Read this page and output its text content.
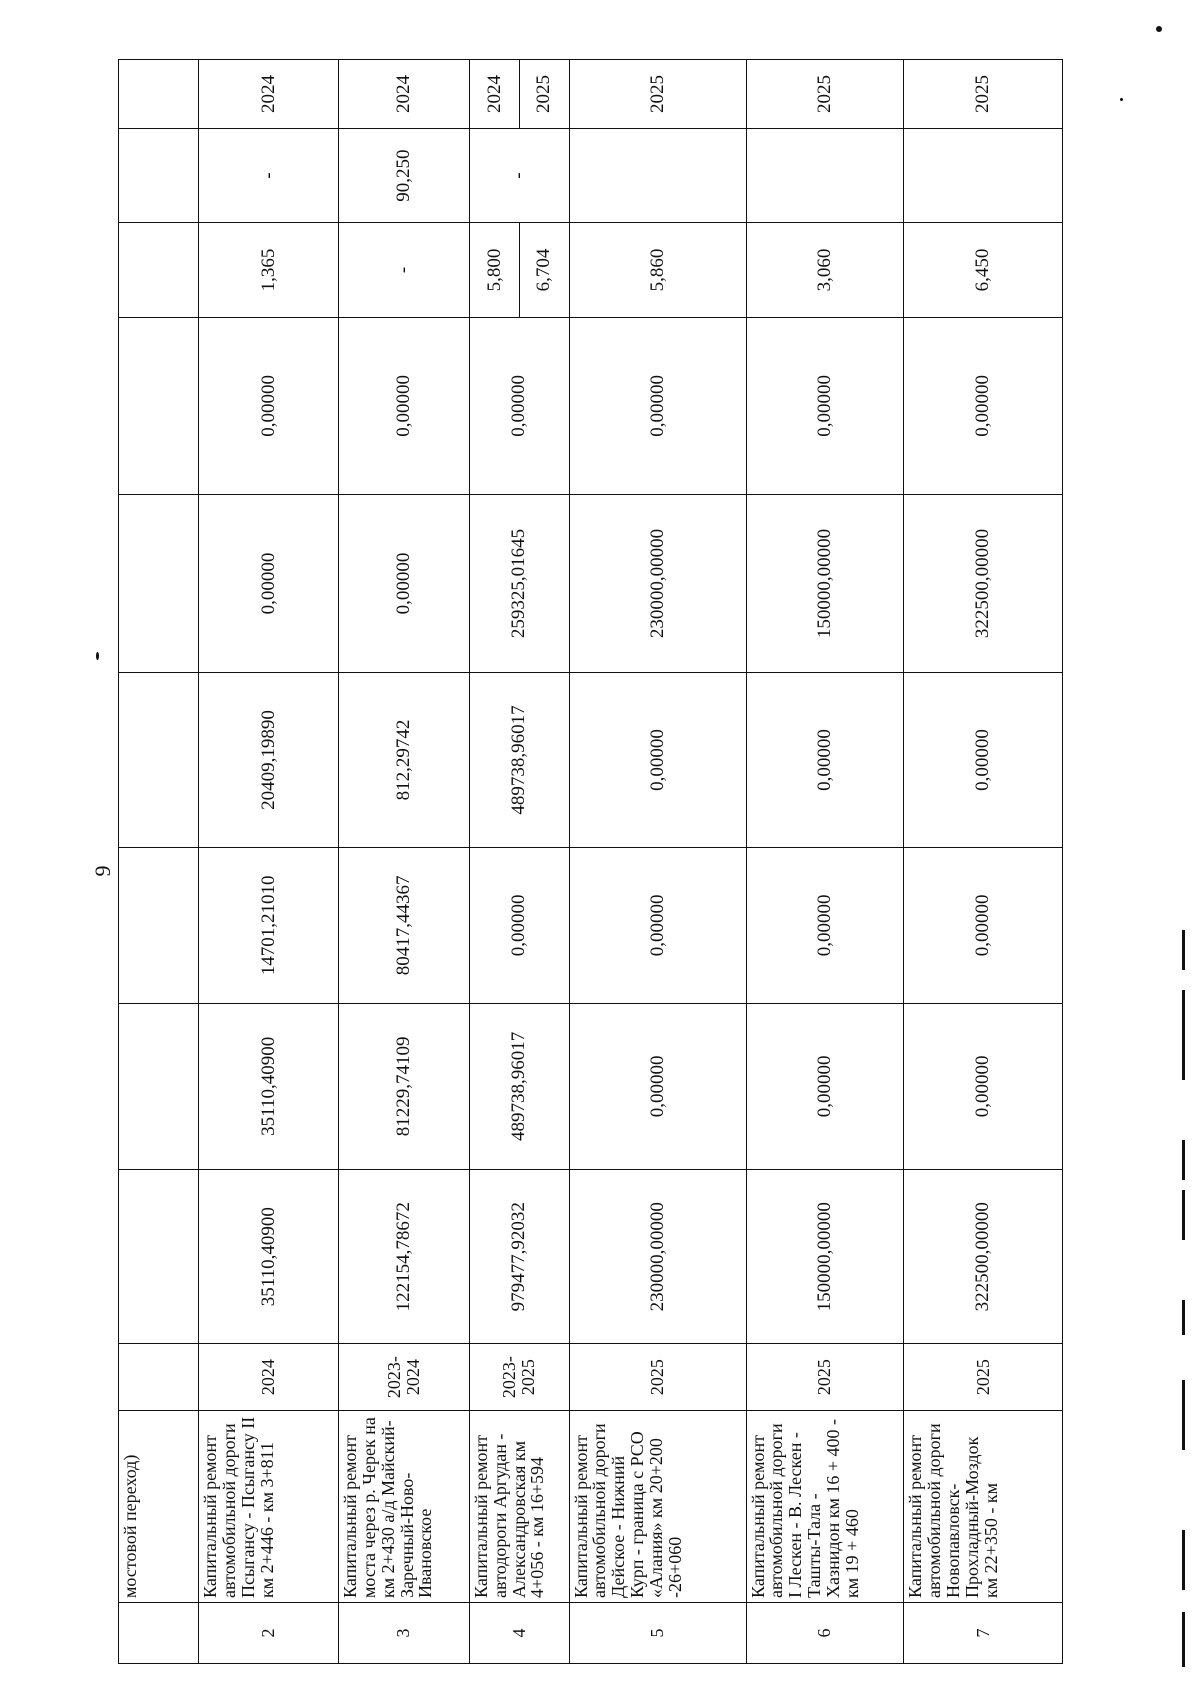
9
	мостовой переход)										
2	Капитальный ремонт автомобильной дороги Псыгансу - Псыгансу II км 2+446 - км 3+811	2024	35110,40900	35110,40900	14701,21010	20409,19890	0,00000	0,00000	1,365	-	2024
3	Капитальный ремонт моста через р. Черек на км 2+430 а/д Майский-Заречный-Ново-Ивановское	2023-2024	122154,78672	81229,74109	80417,44367	812,29742	0,00000	0,00000	-	90,250	2024
4	Капитальный ремонт автодороги Аргудан - Александровская км 4+056 - км 16+594	2023-2025	979477,92032	489738,96017	0,00000	489738,96017	259325,01645	0,00000	5,800	-	2024
									6,704		2025
5	Капитальный ремонт автомобильной дороги Дейское - Нижний Курп - граница с РСО «Алания» км 20+200 -26+060	2025	230000,00000	0,00000	0,00000	0,00000	230000,00000	0,00000	5,860		2025
6	Капитальный ремонт автомобильной дороги I Лескен - В. Лескен - Ташты-Тала - Хазнидон км 16 + 400 - км 19 + 460	2025	150000,00000	0,00000	0,00000	0,00000	150000,00000	0,00000	3,060		2025
7	Капитальный ремонт автомобильной дороги Новопавловск-Прохладный-Моздок км 22+350 - км	2025	322500,00000	0,00000	0,00000	0,00000	322500,00000	0,00000	6,450		2025
